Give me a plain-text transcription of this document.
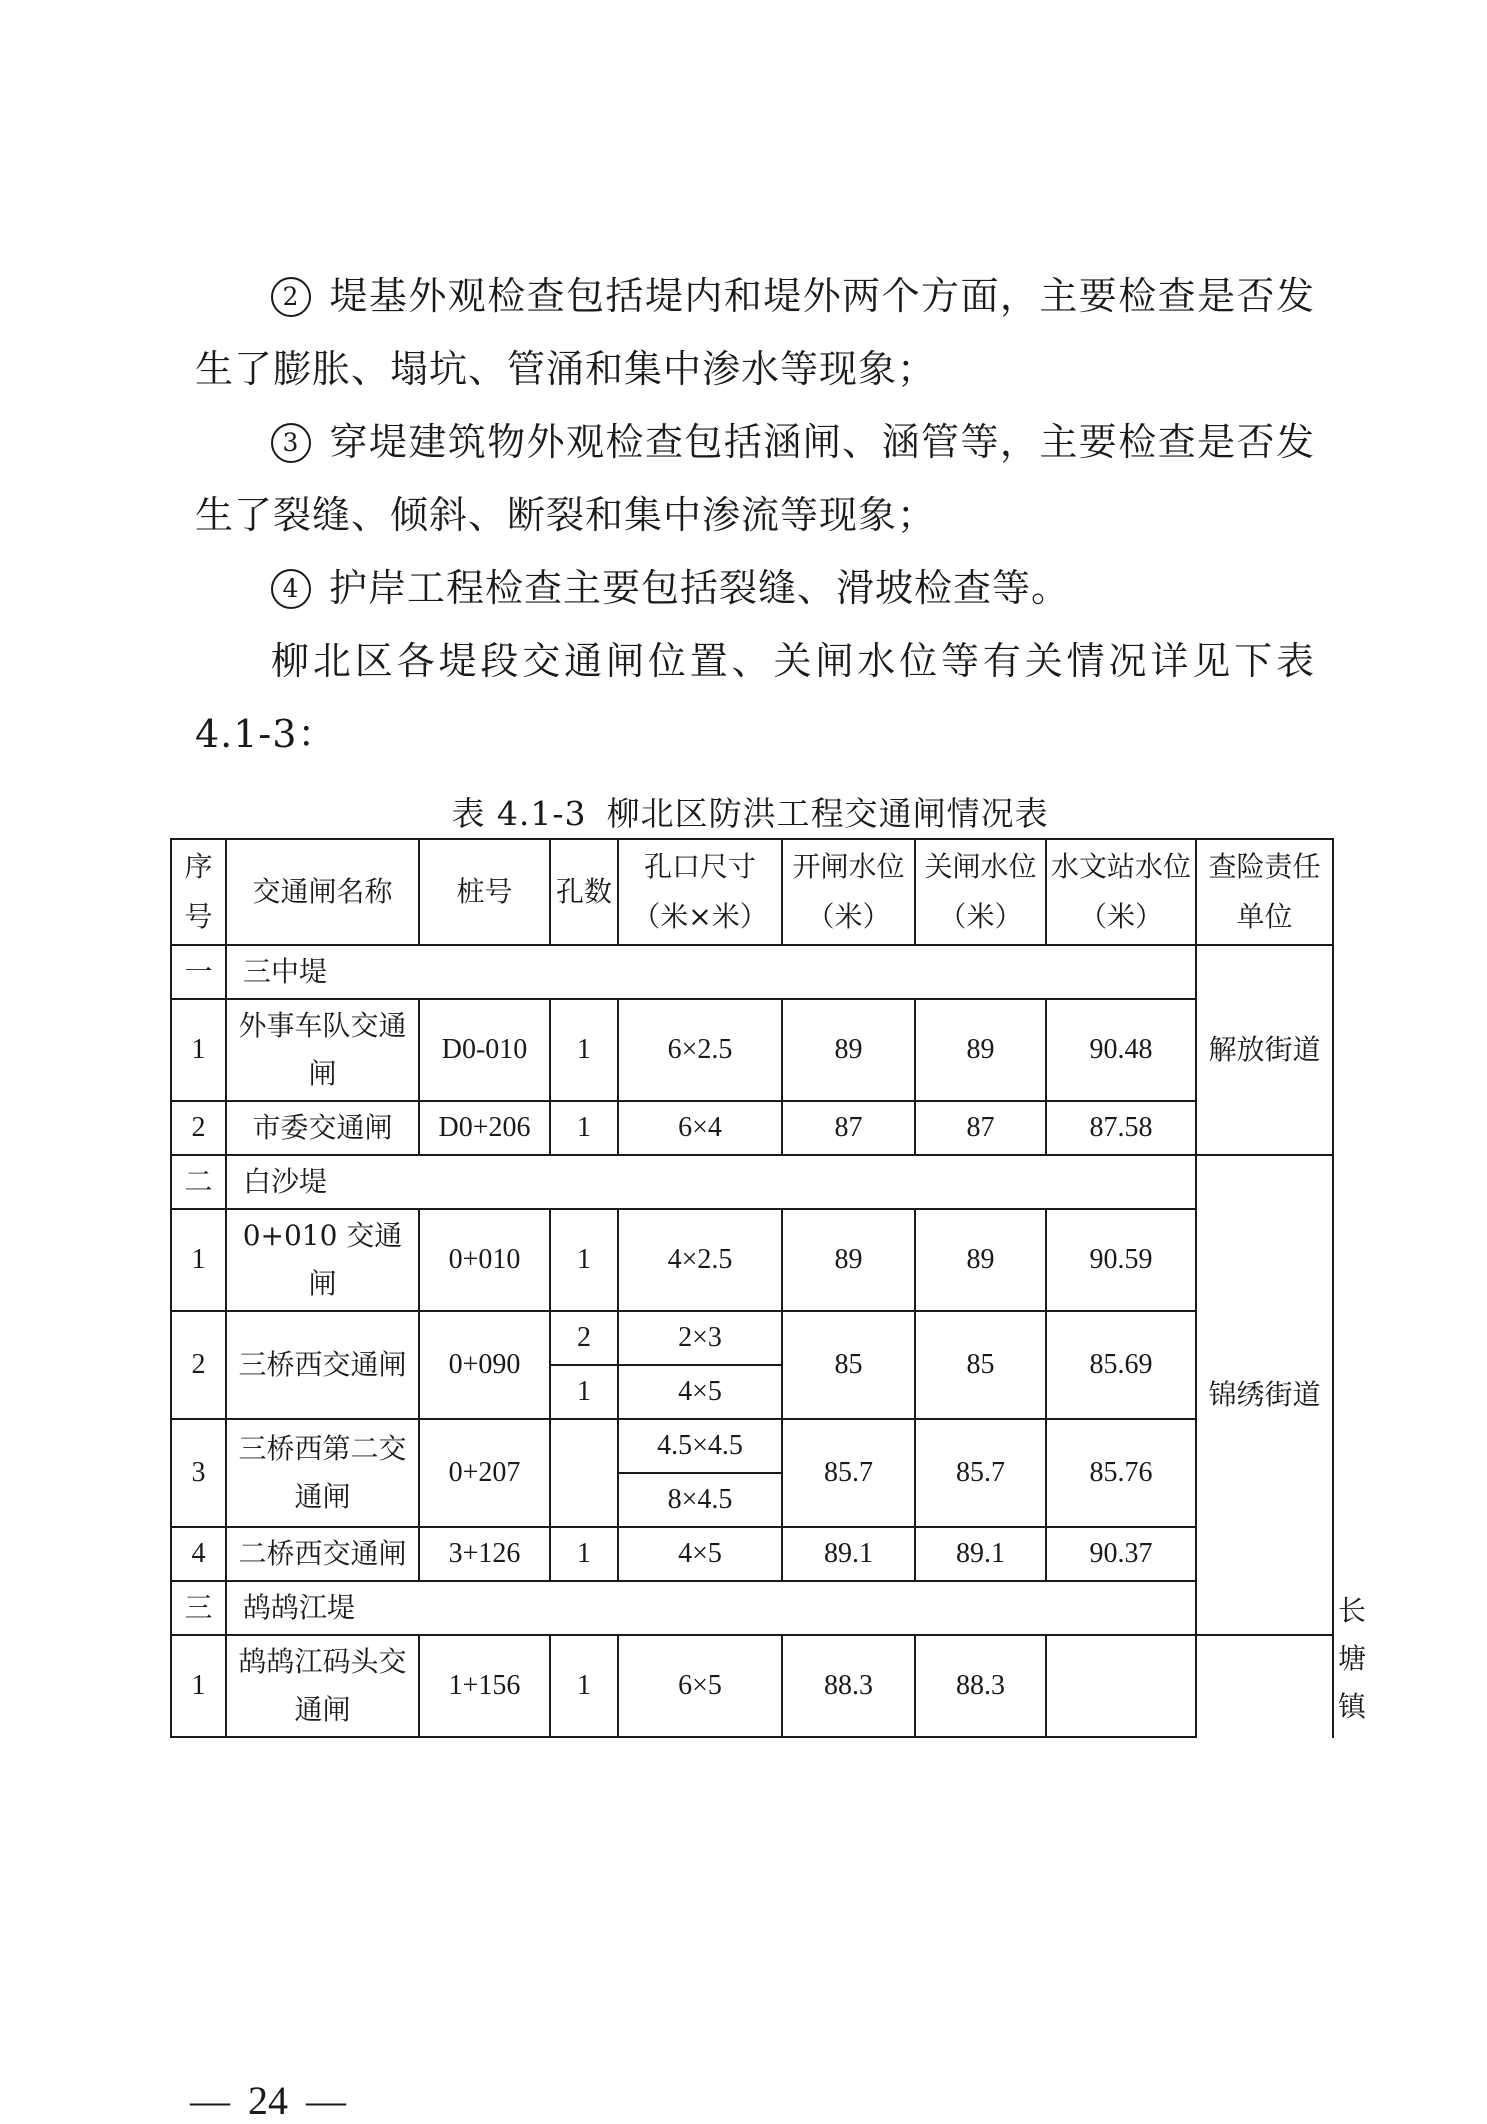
2 堤基外观检查包括堤内和堤外两个方面，主要检查是否发生了膨胀、塌坑、管涌和集中渗水等现象；

3 穿堤建筑物外观检查包括涵闸、涵管等，主要检查是否发生了裂缝、倾斜、断裂和集中渗流等现象；

4 护岸工程检查主要包括裂缝、滑坡检查等。

柳北区各堤段交通闸位置、关闸水位等有关情况详见下表4.1-3：

表 4.1-3 柳北区防洪工程交通闸情况表
序号	交通闸名称	桩号	孔数	孔口尺寸（米×米）	开闸水位（米）	关闸水位（米）	水文站水位（米）	查险责任单位	
一	三中堤							解放街道	
1	外事车队交通闸	D0-010	1	6×2.5	89	89	90.48		
2	市委交通闸	D0+206	1	6×4	87	87	87.58		
二	白沙堤							锦绣街道	
1	0+010 交通闸	0+010	1	4×2.5	89	89	90.59		
2	三桥西交通闸	0+090	2	2×3	85	85	85.69		
			1	4×5					
3	三桥西第二交通闸	0+207		4.5×4.5	85.7	85.7	85.76		
				8×4.5					
4	二桥西交通闸	3+126	1	4×5	89.1	89.1	90.37		
三	鸪鸪江堤								长塘镇
1	鸪鸪江码头交通闸	1+156	1	6×5	88.3	88.3			
— 24 —
